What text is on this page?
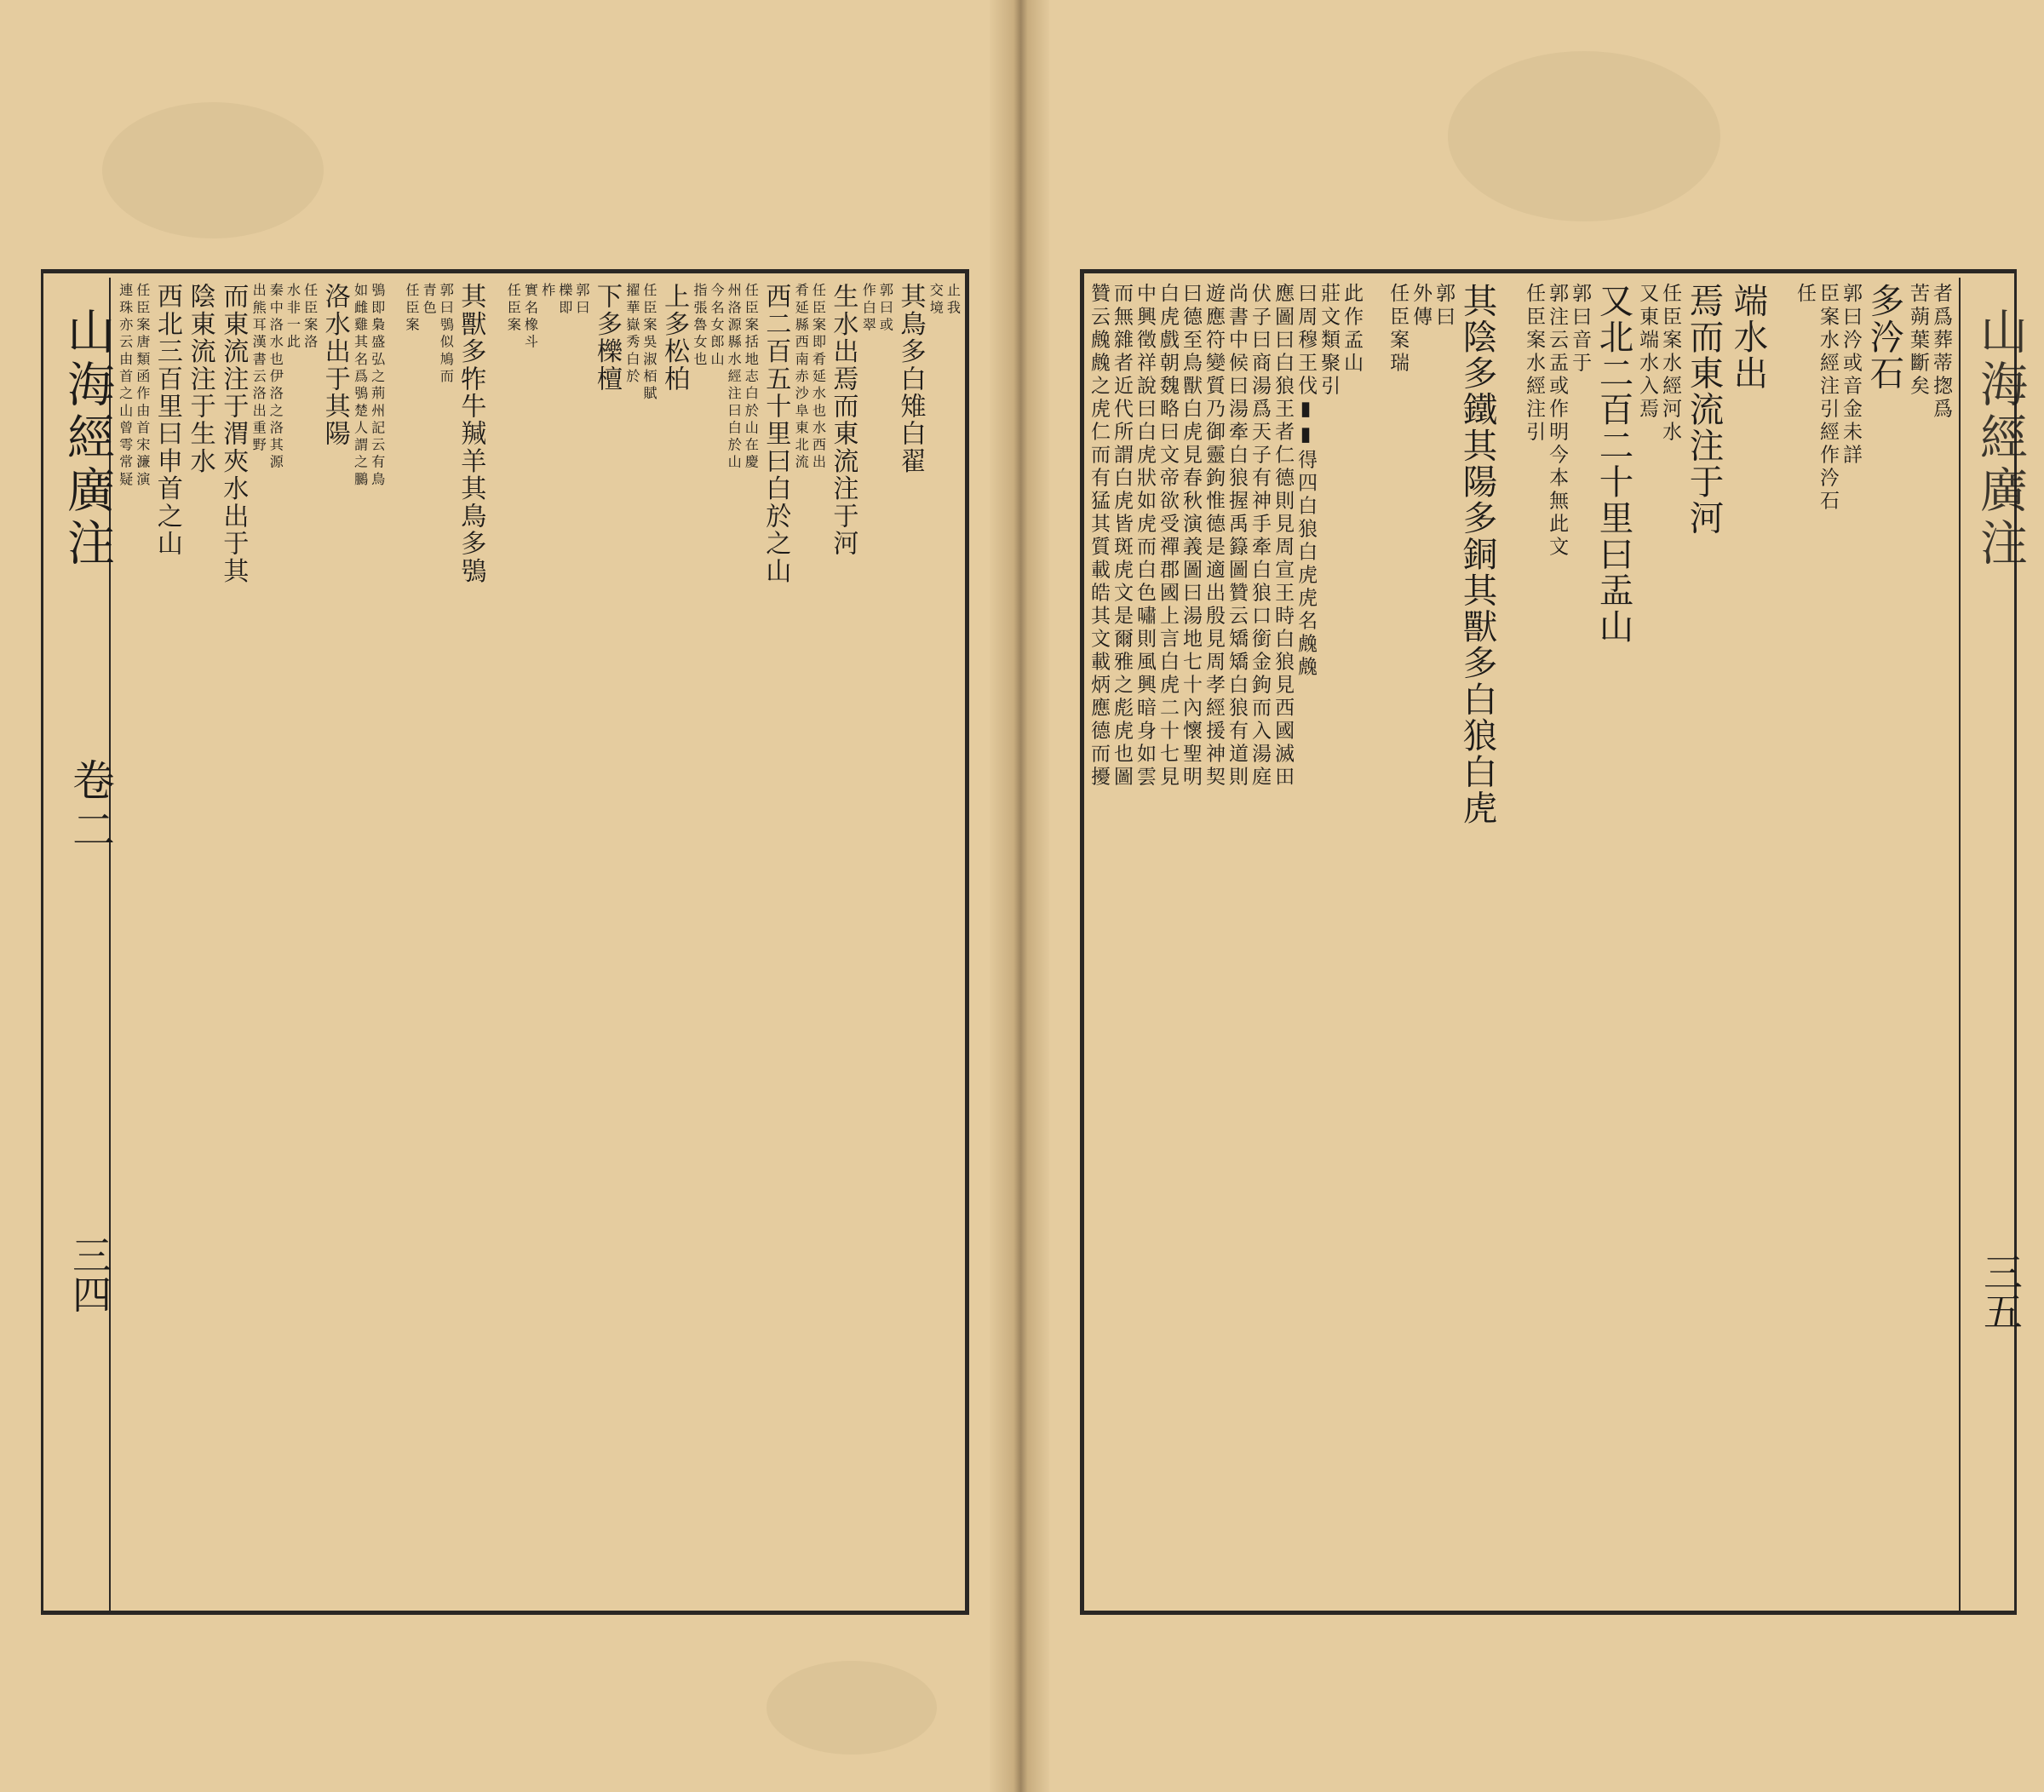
山海經廣注
卷二
三四
山海經廣注
三五
止我
交境
其鳥多白雉白翟
郭曰或
作白翠
生水出焉而東流注于河
任臣案即肴延水也水西出
肴延縣西南赤沙阜東北流
西二百五十里曰白於之山
任臣案括地志白於山在慶
州洛源縣水經注曰白於山
今名女郎山
指張魯女也
上多松柏
任臣案吳淑栢賦
擢華嶽秀白於
下多櫟檀
郭曰
櫟即
柞
實名橡斗
任臣案
其獸多㸲牛羬羊其鳥多鴞
郭曰鴞似鳩而
青色
任臣案
鴞即梟盛弘之荊州記云有鳥
如雌雞其名爲鴞楚人謂之鵩
洛水出于其陽
任臣案洛
水非一此
秦中洛水也伊洛之洛其源
出熊耳漢書云洛出重野
而東流注于渭夾水出于其
陰東流注于生水
西北三百里曰申首之山
任臣案唐類函作由首宋濂演
連珠亦云由首之山曾雩常疑	者爲葬蒂揔爲
苦蒴葉斷矣
多汵石
郭曰汵或音金未詳
臣案水經注引經作汵石
任
端水出
焉而東流注于河
任臣案水經河水
又東端水入焉
又北二百二十里曰盂山
郭曰音于
郭注云盂或作明今本無此文
任臣案水經注引
其陰多鐵其陽多銅其獸多白狼白虎
郭曰
外傳
任臣案瑞
此作孟山
莊文類聚引
曰周穆王伐▮▮得四白狼白虎虎名䖘䖘
應圖曰白狼王者仁德則見周宣王時白狼見西國滅田
伏子曰商湯爲天子有神手牽白狼口銜金鉤而入湯庭
尚書中候曰湯牽白狼握禹籙圖贊云矯矯白狼有道則
遊應符變質乃御靈鉤惟德是適出殷見周孝經援神契
曰德至鳥獸白虎見春秋演義圖曰湯地七十內懷聖明
白虎戲朝魏略曰文帝欲受禪郡國上言白虎二十七見
中興徵祥說曰白虎狀如虎而白色嘯則風興暗身如雲
而無雜者近代所謂白虎皆斑虎文是爾雅之彪虎也圖
贊云䖘䖘之虎仁而有猛其質載皓其文載炳應德而擾
